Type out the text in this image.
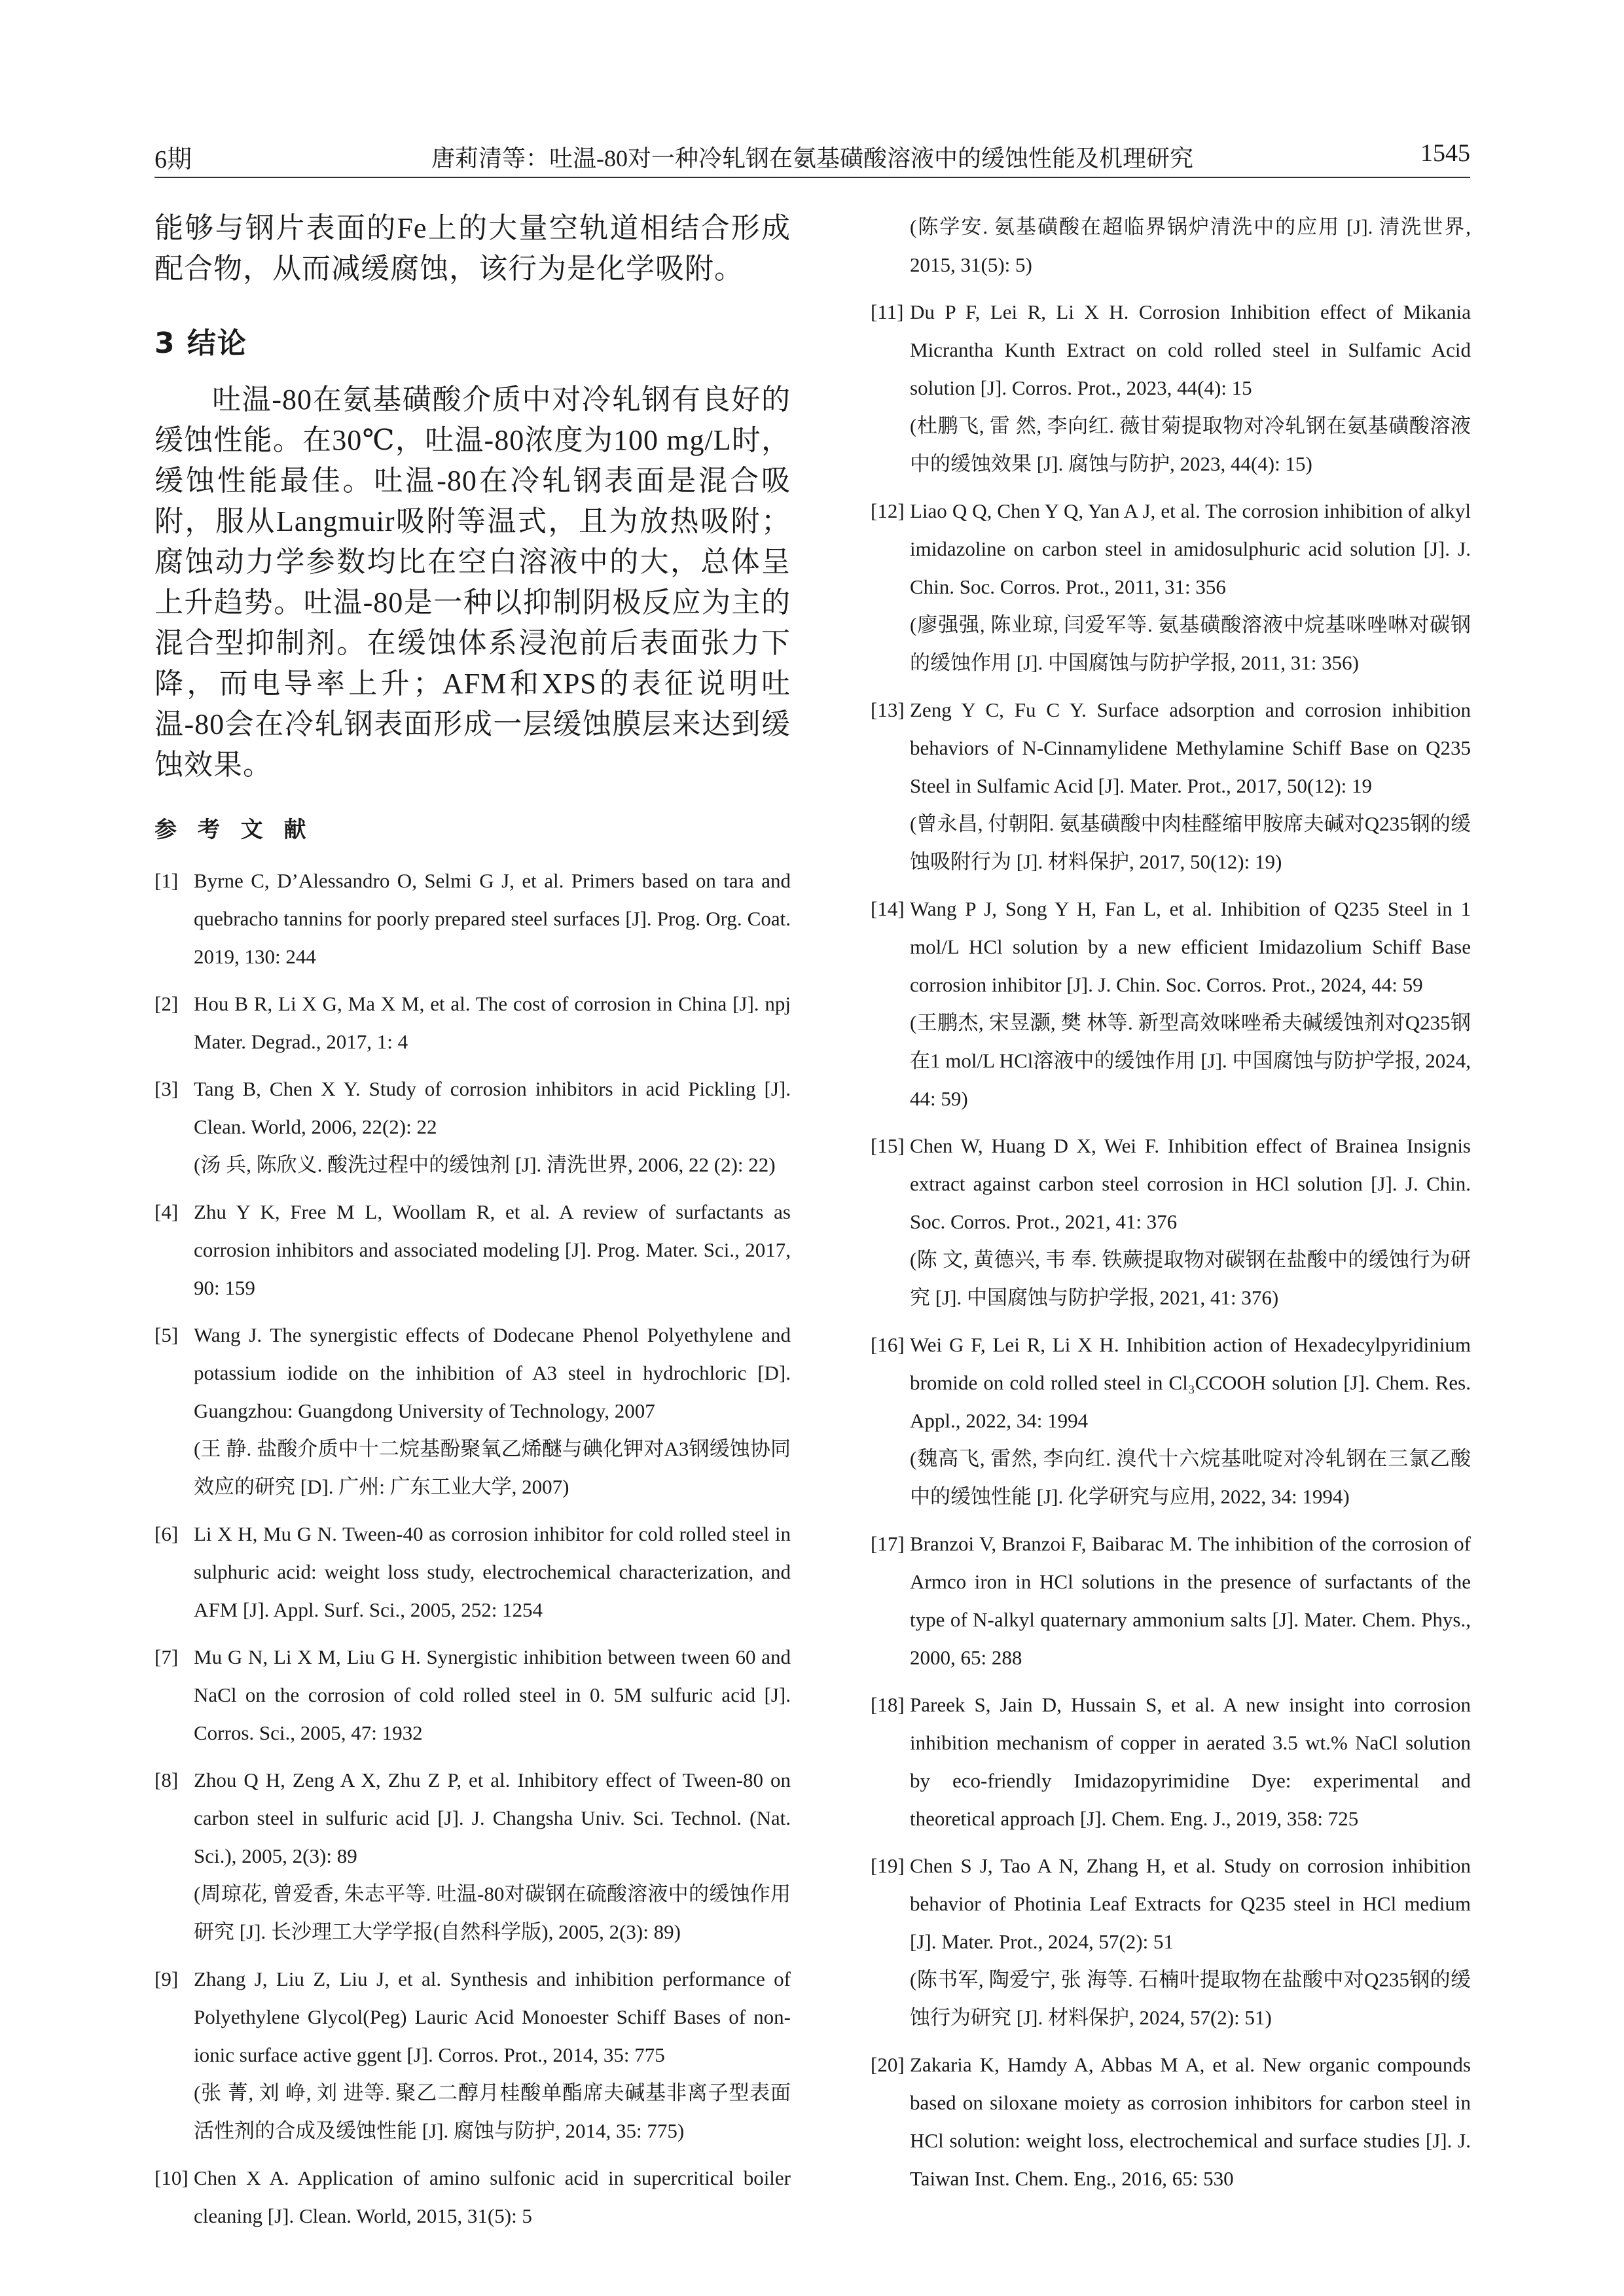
6期	唐莉清等：吐温-80对一种冷轧钢在氨基磺酸溶液中的缓蚀性能及机理研究	1545

能够与钢片表面的Fe上的大量空轨道相结合形成配合物，从而减缓腐蚀，该行为是化学吸附。

3 结论

吐温-80在氨基磺酸介质中对冷轧钢有良好的缓蚀性能。在30℃，吐温-80浓度为100 mg/L时，缓蚀性能最佳。吐温-80在冷轧钢表面是混合吸附，服从Langmuir吸附等温式，且为放热吸附；腐蚀动力学参数均比在空白溶液中的大，总体呈上升趋势。吐温-80是一种以抑制阴极反应为主的混合型抑制剂。在缓蚀体系浸泡前后表面张力下降，而电导率上升；AFM和XPS的表征说明吐温-80会在冷轧钢表面形成一层缓蚀膜层来达到缓蚀效果。

参 考 文 献
[1] Byrne C, D’Alessandro O, Selmi G J, et al. Primers based on tara and quebracho tannins for poorly prepared steel surfaces [J]. Prog. Org. Coat. 2019, 130: 244
[2] Hou B R, Li X G, Ma X M, et al. The cost of corrosion in China [J]. npj Mater. Degrad., 2017, 1: 4
[3] Tang B, Chen X Y. Study of corrosion inhibitors in acid Pickling [J]. Clean. World, 2006, 22(2): 22
(汤 兵, 陈欣义. 酸洗过程中的缓蚀剂 [J]. 清洗世界, 2006, 22 (2): 22)
[4] Zhu Y K, Free M L, Woollam R, et al. A review of surfactants as corrosion inhibitors and associated modeling [J]. Prog. Mater. Sci., 2017, 90: 159
[5] Wang J. The synergistic effects of Dodecane Phenol Polyethylene and potassium iodide on the inhibition of A3 steel in hydrochloric [D]. Guangzhou: Guangdong University of Technology, 2007
(王 静. 盐酸介质中十二烷基酚聚氧乙烯醚与碘化钾对A3钢缓蚀协同效应的研究 [D]. 广州: 广东工业大学, 2007)
[6] Li X H, Mu G N. Tween-40 as corrosion inhibitor for cold rolled steel in sulphuric acid: weight loss study, electrochemical characterization, and AFM [J]. Appl. Surf. Sci., 2005, 252: 1254
[7] Mu G N, Li X M, Liu G H. Synergistic inhibition between tween 60 and NaCl on the corrosion of cold rolled steel in 0. 5M sulfuric acid [J]. Corros. Sci., 2005, 47: 1932
[8] Zhou Q H, Zeng A X, Zhu Z P, et al. Inhibitory effect of Tween-80 on carbon steel in sulfuric acid [J]. J. Changsha Univ. Sci. Technol. (Nat. Sci.), 2005, 2(3): 89
(周琼花, 曾爱香, 朱志平等. 吐温-80对碳钢在硫酸溶液中的缓蚀作用研究 [J]. 长沙理工大学学报(自然科学版), 2005, 2(3): 89)
[9] Zhang J, Liu Z, Liu J, et al. Synthesis and inhibition performance of Polyethylene Glycol(Peg) Lauric Acid Monoester Schiff Bases of non-ionic surface active ggent [J]. Corros. Prot., 2014, 35: 775
(张 菁, 刘 峥, 刘 进等. 聚乙二醇月桂酸单酯席夫碱基非离子型表面活性剂的合成及缓蚀性能 [J]. 腐蚀与防护, 2014, 35: 775)
[10] Chen X A. Application of amino sulfonic acid in supercritical boiler cleaning [J]. Clean. World, 2015, 31(5): 5
(陈学安. 氨基磺酸在超临界锅炉清洗中的应用 [J]. 清洗世界, 2015, 31(5): 5)
[11] Du P F, Lei R, Li X H. Corrosion Inhibition effect of Mikania Micrantha Kunth Extract on cold rolled steel in Sulfamic Acid solution [J]. Corros. Prot., 2023, 44(4): 15
(杜鹏飞, 雷 然, 李向红. 薇甘菊提取物对冷轧钢在氨基磺酸溶液中的缓蚀效果 [J]. 腐蚀与防护, 2023, 44(4): 15)
[12] Liao Q Q, Chen Y Q, Yan A J, et al. The corrosion inhibition of alkyl imidazoline on carbon steel in amidosulphuric acid solution [J]. J. Chin. Soc. Corros. Prot., 2011, 31: 356
(廖强强, 陈业琼, 闫爱军等. 氨基磺酸溶液中烷基咪唑啉对碳钢的缓蚀作用 [J]. 中国腐蚀与防护学报, 2011, 31: 356)
[13] Zeng Y C, Fu C Y. Surface adsorption and corrosion inhibition behaviors of N-Cinnamylidene Methylamine Schiff Base on Q235 Steel in Sulfamic Acid [J]. Mater. Prot., 2017, 50(12): 19
(曾永昌, 付朝阳. 氨基磺酸中肉桂醛缩甲胺席夫碱对Q235钢的缓蚀吸附行为 [J]. 材料保护, 2017, 50(12): 19)
[14] Wang P J, Song Y H, Fan L, et al. Inhibition of Q235 Steel in 1 mol/L HCl solution by a new efficient Imidazolium Schiff Base corrosion inhibitor [J]. J. Chin. Soc. Corros. Prot., 2024, 44: 59
(王鹏杰, 宋昱灏, 樊 林等. 新型高效咪唑希夫碱缓蚀剂对Q235钢在1 mol/L HCl溶液中的缓蚀作用 [J]. 中国腐蚀与防护学报, 2024, 44: 59)
[15] Chen W, Huang D X, Wei F. Inhibition effect of Brainea Insignis extract against carbon steel corrosion in HCl solution [J]. J. Chin. Soc. Corros. Prot., 2021, 41: 376
(陈 文, 黄德兴, 韦 奉. 铁蕨提取物对碳钢在盐酸中的缓蚀行为研究 [J]. 中国腐蚀与防护学报, 2021, 41: 376)
[16] Wei G F, Lei R, Li X H. Inhibition action of Hexadecylpyridinium bromide on cold rolled steel in Cl₃CCOOH solution [J]. Chem. Res. Appl., 2022, 34: 1994
(魏高飞, 雷然, 李向红. 溴代十六烷基吡啶对冷轧钢在三氯乙酸中的缓蚀性能 [J]. 化学研究与应用, 2022, 34: 1994)
[17] Branzoi V, Branzoi F, Baibarac M. The inhibition of the corrosion of Armco iron in HCl solutions in the presence of surfactants of the type of N-alkyl quaternary ammonium salts [J]. Mater. Chem. Phys., 2000, 65: 288
[18] Pareek S, Jain D, Hussain S, et al. A new insight into corrosion inhibition mechanism of copper in aerated 3.5 wt.% NaCl solution by eco-friendly Imidazopyrimidine Dye: experimental and theoretical approach [J]. Chem. Eng. J., 2019, 358: 725
[19] Chen S J, Tao A N, Zhang H, et al. Study on corrosion inhibition behavior of Photinia Leaf Extracts for Q235 steel in HCl medium [J]. Mater. Prot., 2024, 57(2): 51
(陈书军, 陶爱宁, 张 海等. 石楠叶提取物在盐酸中对Q235钢的缓蚀行为研究 [J]. 材料保护, 2024, 57(2): 51)
[20] Zakaria K, Hamdy A, Abbas M A, et al. New organic compounds based on siloxane moiety as corrosion inhibitors for carbon steel in HCl solution: weight loss, electrochemical and surface studies [J]. J. Taiwan Inst. Chem. Eng., 2016, 65: 530
